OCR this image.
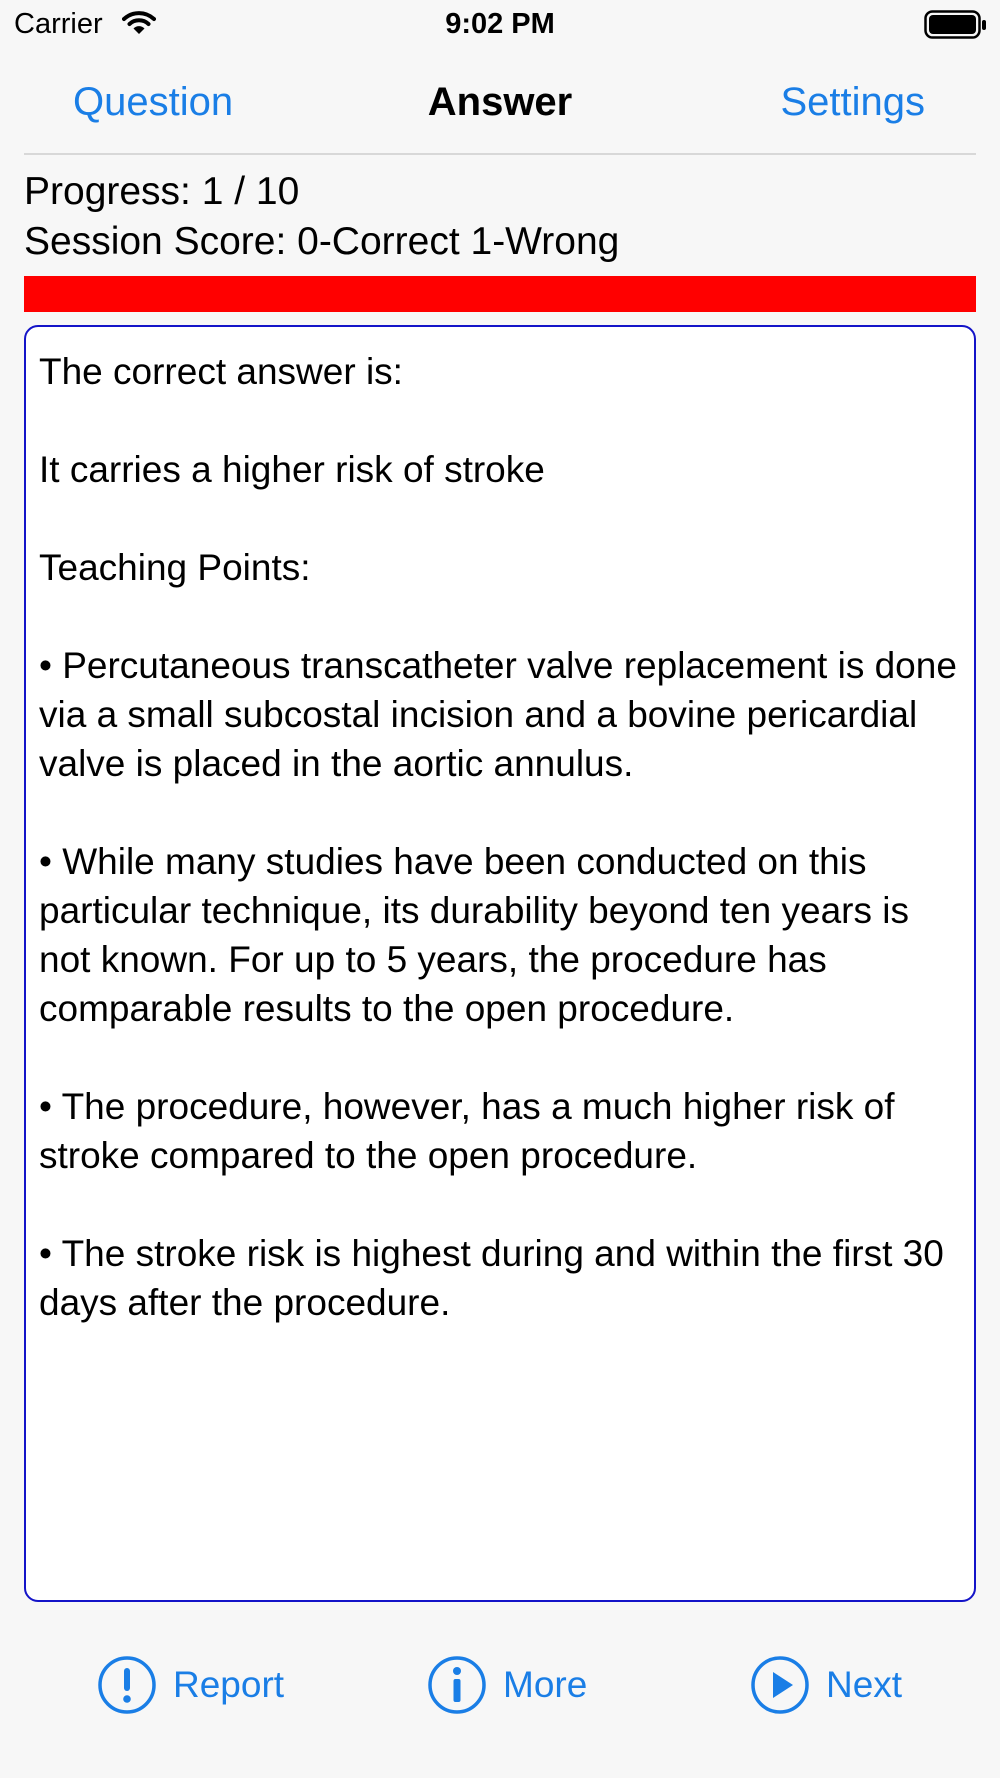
Carrier	9:02 PM
Question	Answer	Settings
Progress: 1 / 10
Session Score: 0-Correct 1-Wrong

The correct answer is:

It carries a higher risk of stroke

Teaching Points:

• Percutaneous transcatheter valve replacement is done via a small subcostal incision and a bovine pericardial valve is placed in the aortic annulus.

• While many studies have been conducted on this particular technique, its durability beyond ten years is not known. For up to 5 years, the procedure has comparable results to the open procedure.

• The procedure, however, has a much higher risk of stroke compared to the open procedure.

• The stroke risk is highest during and within the first 30 days after the procedure.

Report	More	Next
